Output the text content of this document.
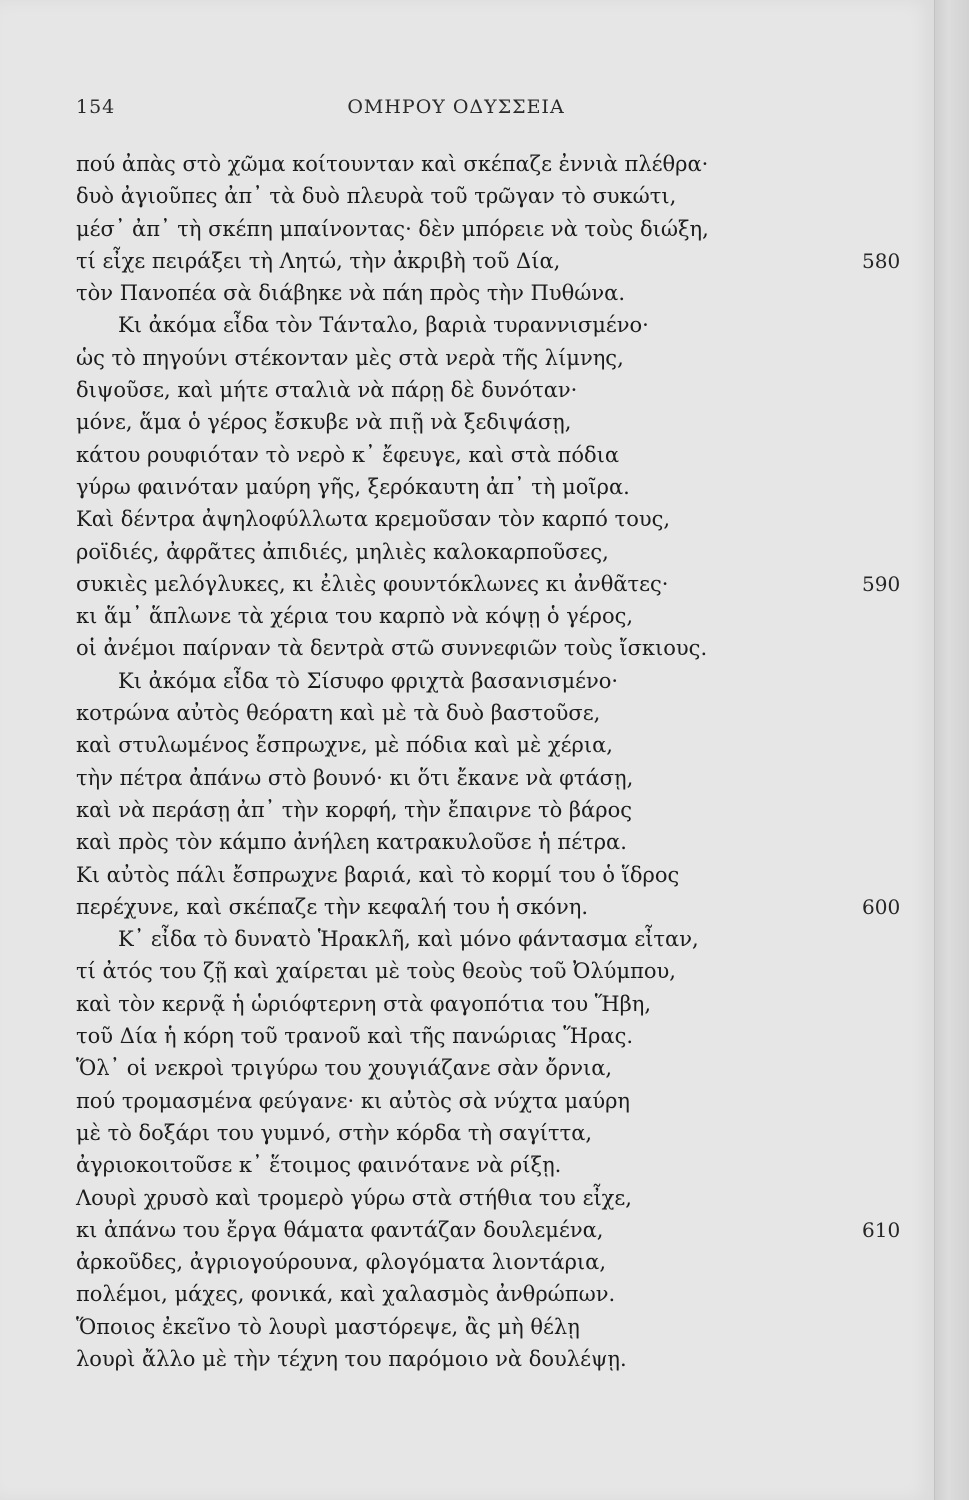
154	ΟΜΗΡΟΥ ΟΔΥΣΣΕΙΑ
πού ἀπὰς στὸ χῶμα κοίτουνταν καὶ σκέπαζε ἐννιὰ πλέθρα·
δυὸ ἀγιοῦπες ἀπ᾿ τὰ δυὸ πλευρὰ τοῦ τρῶγαν τὸ συκώτι,
μέσ᾿ ἀπ᾿ τὴ σκέπη μπαίνοντας· δὲν μπόρειε νὰ τοὺς διώξη,
τί εἶχε πειράξει τὴ Λητώ, τὴν ἀκριβὴ τοῦ Δία,	580
τὸν Πανοπέα σὰ διάβηκε νὰ πάη πρὸς τὴν Πυθώνα.
Κι ἀκόμα εἶδα τὸν Τάνταλο, βαριὰ τυραννισμένο·
ὡς τὸ πηγούνι στέκονταν μὲς στὰ νερὰ τῆς λίμνης,
διψοῦσε, καὶ μήτε σταλιὰ νὰ πάρῃ δὲ δυνόταν·
μόνε, ἅμα ὁ γέρος ἔσκυβε νὰ πιῇ νὰ ξεδιψάσῃ,
κάτου ρουφιόταν τὸ νερὸ κ᾿ ἔφευγε, καὶ στὰ πόδια
γύρω φαινόταν μαύρη γῆς, ξερόκαυτη ἀπ᾿ τὴ μοῖρα.
Καὶ δέντρα ἀψηλοφύλλωτα κρεμοῦσαν τὸν καρπό τους,
ροϊδιές, ἀφρᾶτες ἀπιδιές, μηλιὲς καλοκαρποῦσες,
συκιὲς μελόγλυκες, κι ἐλιὲς φουντόκλωνες κι ἀνθᾶτες·	590
κι ἅμ᾿ ἅπλωνε τὰ χέρια του καρπὸ νὰ κόψῃ ὁ γέρος,
οἱ ἀνέμοι παίρναν τὰ δεντρὰ στῶ συννεφιῶν τοὺς ἴσκιους.
Κι ἀκόμα εἶδα τὸ Σίσυφο φριχτὰ βασανισμένο·
κοτρώνα αὐτὸς θεόρατη καὶ μὲ τὰ δυὸ βαστοῦσε,
καὶ στυλωμένος ἔσπρωχνε, μὲ πόδια καὶ μὲ χέρια,
τὴν πέτρα ἀπάνω στὸ βουνό· κι ὅτι ἔκανε νὰ φτάσῃ,
καὶ νὰ περάσῃ ἀπ᾿ τὴν κορφή, τὴν ἔπαιρνε τὸ βάρος
καὶ πρὸς τὸν κάμπο ἀνήλεη κατρακυλοῦσε ἡ πέτρα.
Κι αὐτὸς πάλι ἔσπρωχνε βαριά, καὶ τὸ κορμί του ὁ ἵδρος
περέχυνε, καὶ σκέπαζε τὴν κεφαλή του ἡ σκόνη.	600
Κ᾿ εἶδα τὸ δυνατὸ Ἡρακλῆ, καὶ μόνο φάντασμα εἶταν,
τί ἀτός του ζῇ καὶ χαίρεται μὲ τοὺς θεοὺς τοῦ Ὀλύμπου,
καὶ τὸν κερνᾷ ἡ ὡριόφτερνη στὰ φαγοπότια του Ἥβη,
τοῦ Δία ἡ κόρη τοῦ τρανοῦ καὶ τῆς πανώριας Ἥρας.
Ὅλ᾿ οἱ νεκροὶ τριγύρω του χουγιάζανε σὰν ὄρνια,
πού τρομασμένα φεύγανε· κι αὐτὸς σὰ νύχτα μαύρη
μὲ τὸ δοξάρι του γυμνό, στὴν κόρδα τὴ σαγίττα,
ἀγριοκοιτοῦσε κ᾿ ἕτοιμος φαινότανε νὰ ρίξῃ.
Λουρὶ χρυσὸ καὶ τρομερὸ γύρω στὰ στήθια του εἶχε,
κι ἀπάνω του ἔργα θάματα φαντάζαν δουλεμένα,	610
ἀρκοῦδες, ἀγριογούρουνα, φλογόματα λιοντάρια,
πολέμοι, μάχες, φονικά, καὶ χαλασμὸς ἀνθρώπων.
Ὅποιος ἐκεῖνο τὸ λουρὶ μαστόρεψε, ἂς μὴ θέλῃ
λουρὶ ἄλλο μὲ τὴν τέχνη του παρόμοιο νὰ δουλέψῃ.
